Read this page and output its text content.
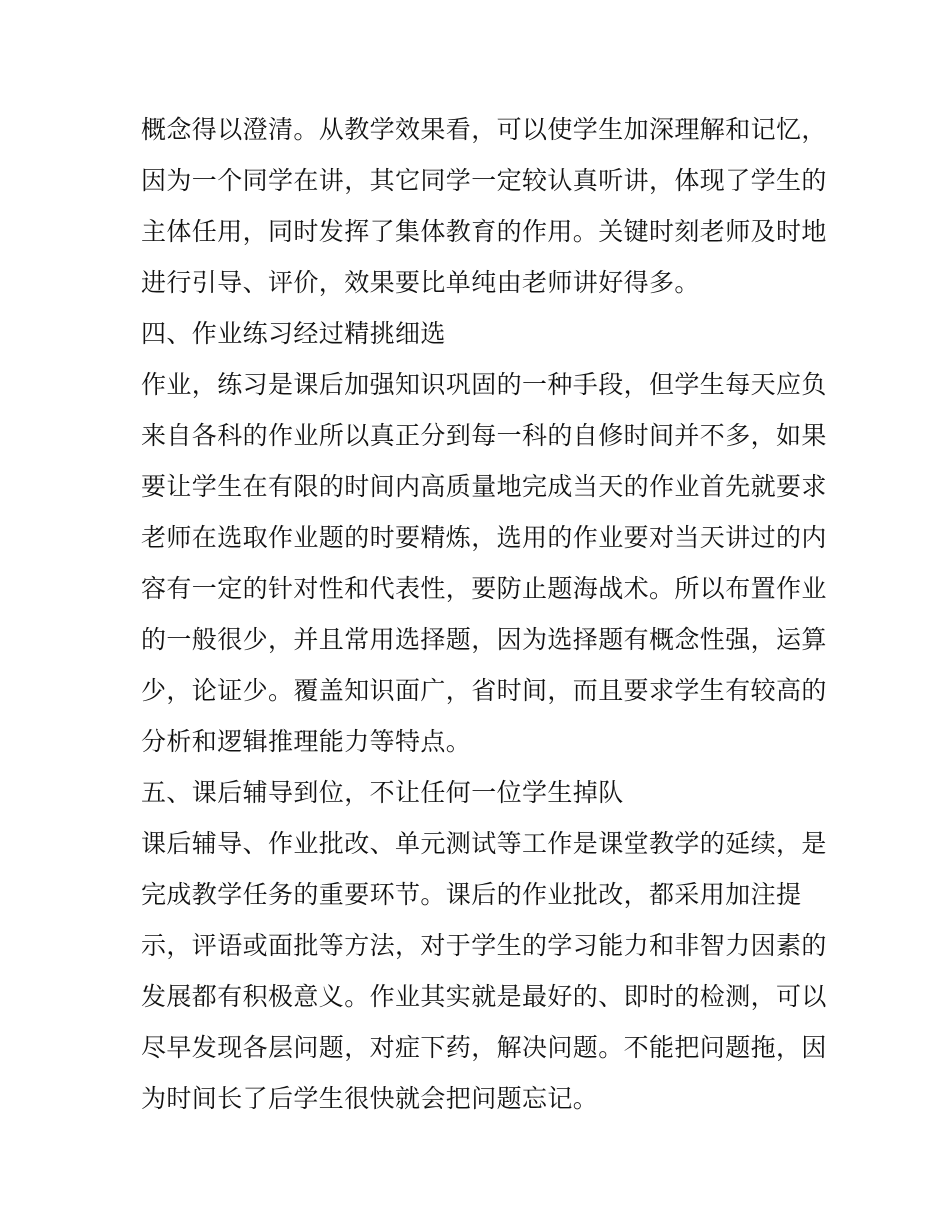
概念得以澄清。从教学效果看，可以使学生加深理解和记忆，
因为一个同学在讲，其它同学一定较认真听讲，体现了学生的
主体任用，同时发挥了集体教育的作用。关键时刻老师及时地
进行引导、评价，效果要比单纯由老师讲好得多。
四、作业练习经过精挑细选
作业，练习是课后加强知识巩固的一种手段，但学生每天应负
来自各科的作业所以真正分到每一科的自修时间并不多，如果
要让学生在有限的时间内高质量地完成当天的作业首先就要求
老师在选取作业题的时要精炼，选用的作业要对当天讲过的内
容有一定的针对性和代表性，要防止题海战术。所以布置作业
的一般很少，并且常用选择题，因为选择题有概念性强，运算
少，论证少。覆盖知识面广，省时间，而且要求学生有较高的
分析和逻辑推理能力等特点。
五、课后辅导到位，不让任何一位学生掉队
课后辅导、作业批改、单元测试等工作是课堂教学的延续，是
完成教学任务的重要环节。课后的作业批改，都采用加注提
示，评语或面批等方法，对于学生的学习能力和非智力因素的
发展都有积极意义。作业其实就是最好的、即时的检测，可以
尽早发现各层问题，对症下药，解决问题。不能把问题拖，因
为时间长了后学生很快就会把问题忘记。
